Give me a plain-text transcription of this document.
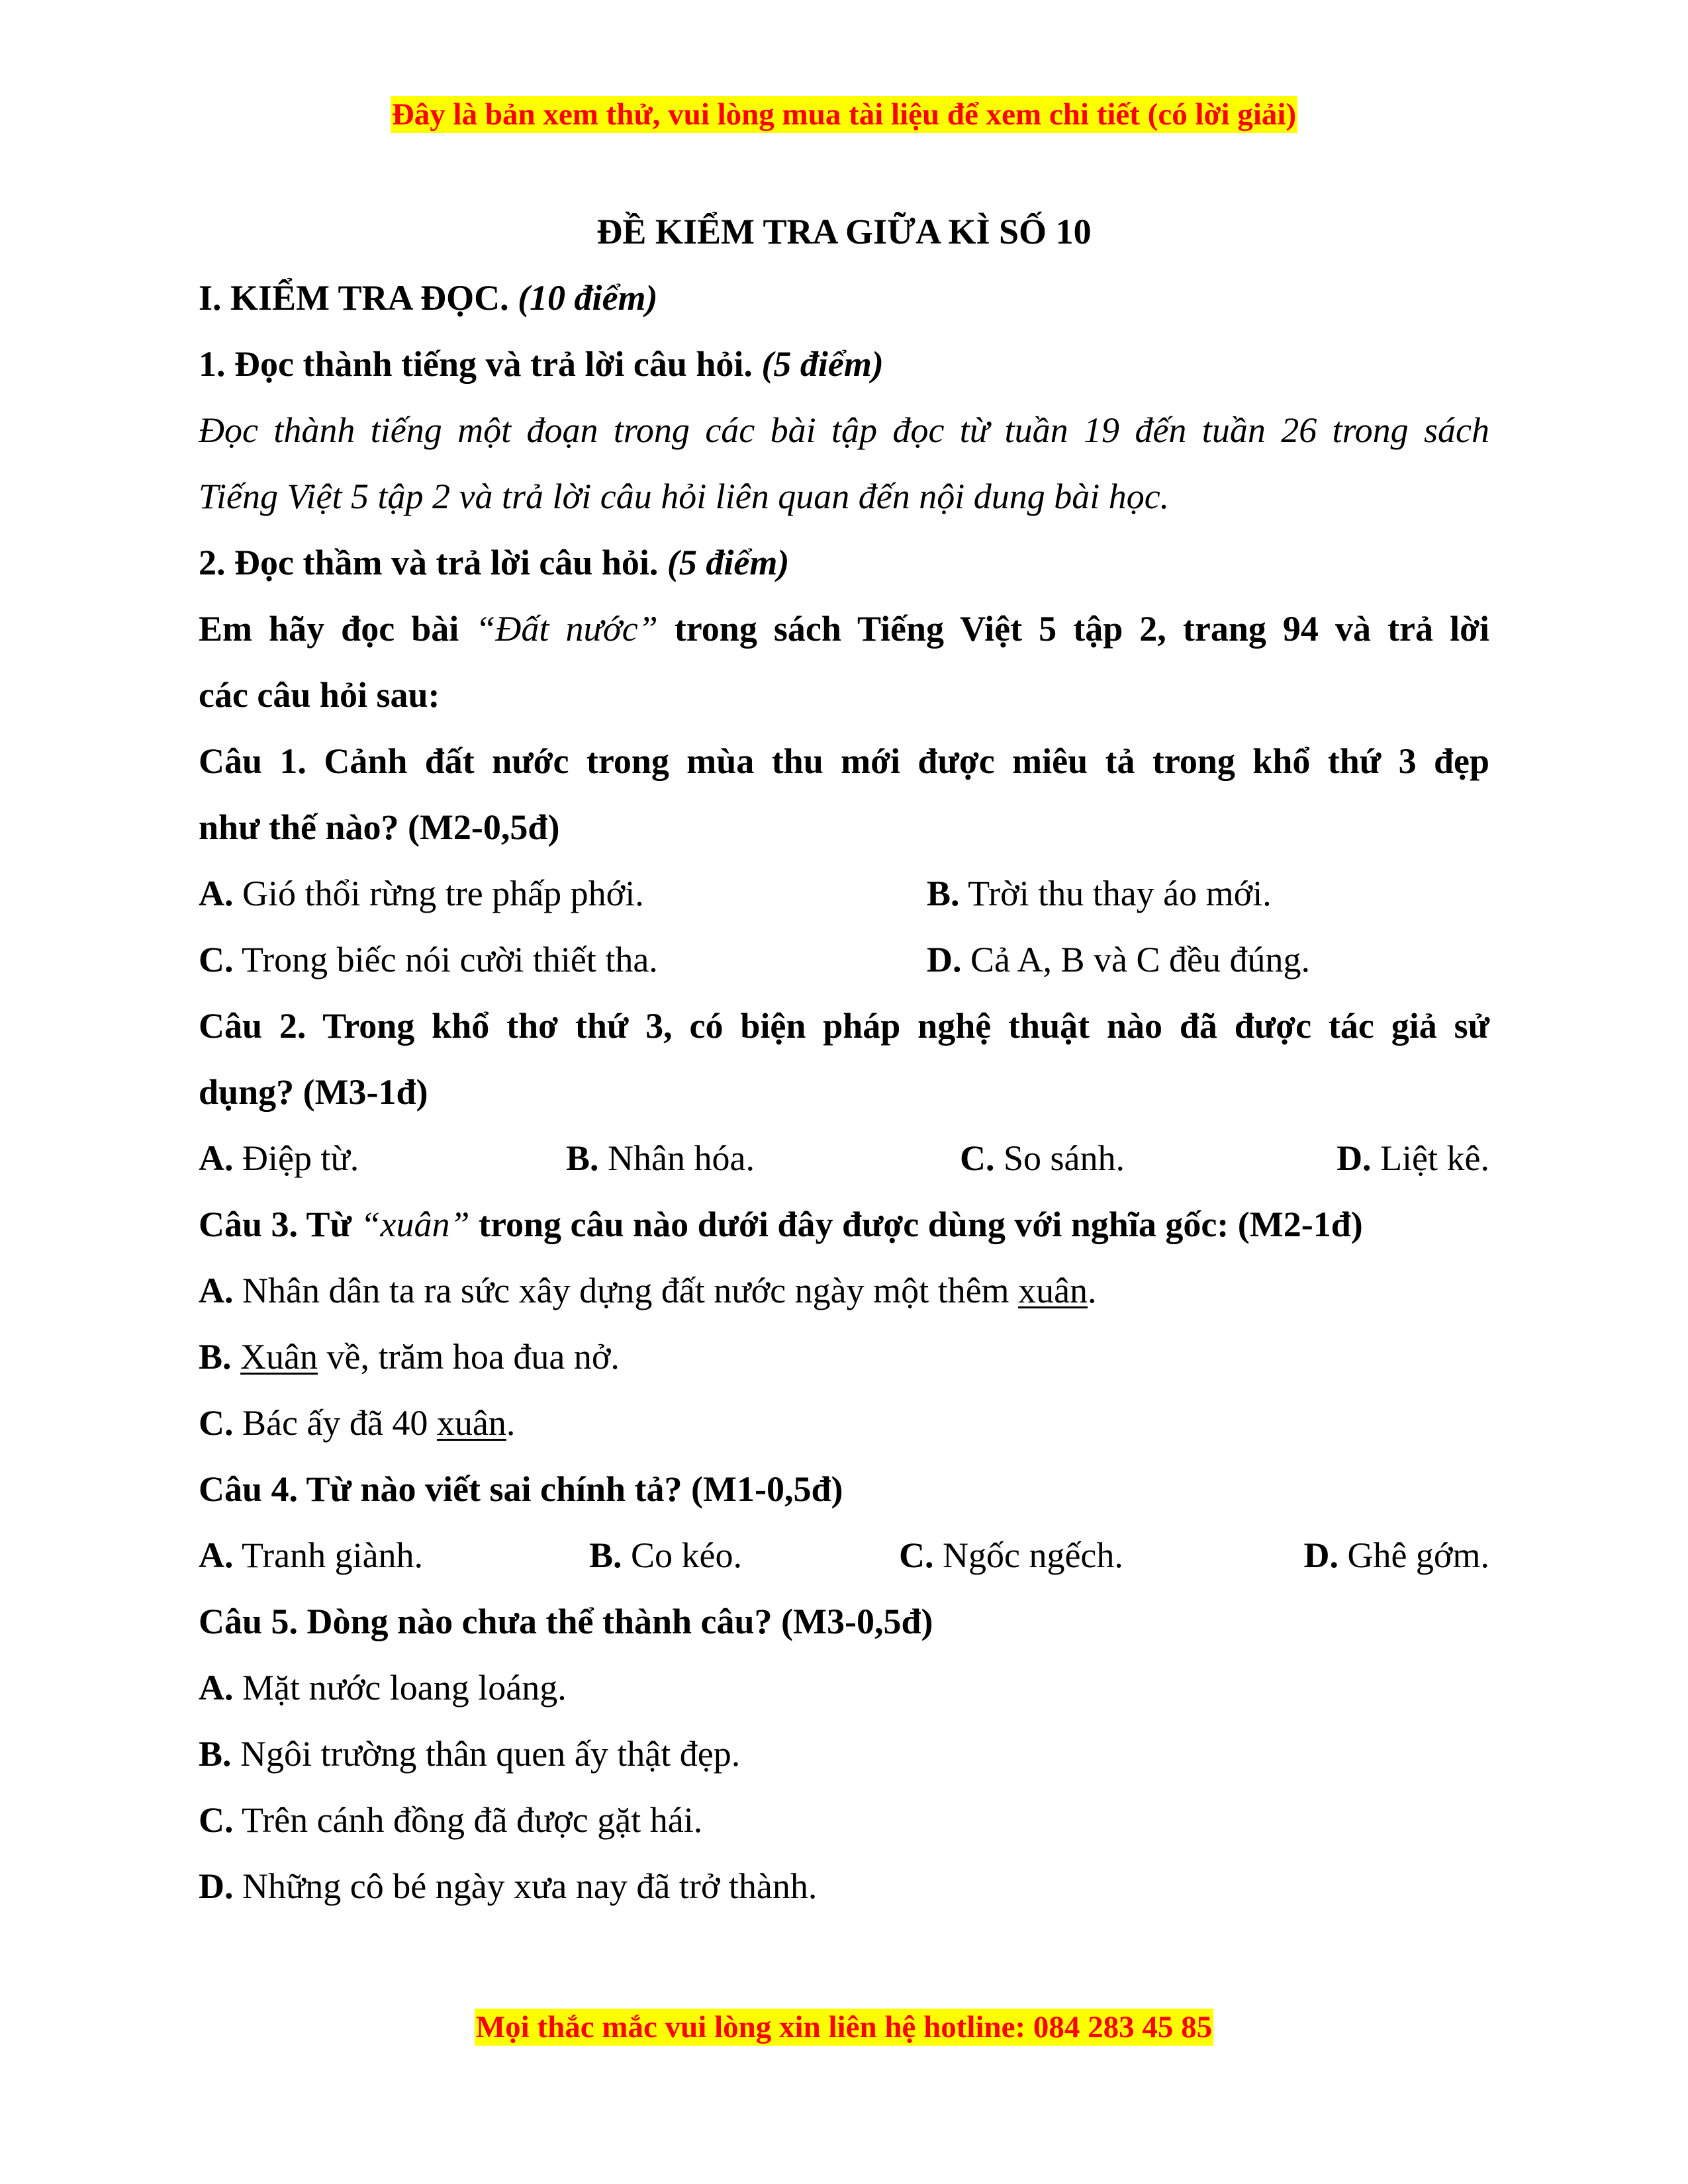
Đây là bản xem thử, vui lòng mua tài liệu để xem chi tiết (có lời giải)
ĐỀ KIỂM TRA GIỮA KÌ SỐ 10
I. KIỂM TRA ĐỌC. (10 điểm)
1. Đọc thành tiếng và trả lời câu hỏi. (5 điểm)
Đọc thành tiếng một đoạn trong các bài tập đọc từ tuần 19 đến tuần 26 trong sách
Tiếng Việt 5 tập 2 và trả lời câu hỏi liên quan đến nội dung bài học.
2. Đọc thầm và trả lời câu hỏi. (5 điểm)
Em hãy đọc bài “Đất nước” trong sách Tiếng Việt 5 tập 2, trang 94 và trả lời
các câu hỏi sau:
Câu 1. Cảnh đất nước trong mùa thu mới được miêu tả trong khổ thứ 3 đẹp
như thế nào? (M2-0,5đ)
A. Gió thổi rừng tre phấp phới.	B. Trời thu thay áo mới.
C. Trong biếc nói cười thiết tha.	D. Cả A, B và C đều đúng.
Câu 2. Trong khổ thơ thứ 3, có biện pháp nghệ thuật nào đã được tác giả sử
dụng? (M3-1đ)
A. Điệp từ.	B. Nhân hóa.	C. So sánh.	D. Liệt kê.
Câu 3. Từ “xuân” trong câu nào dưới đây được dùng với nghĩa gốc: (M2-1đ)
A. Nhân dân ta ra sức xây dựng đất nước ngày một thêm xuân.
B. Xuân về, trăm hoa đua nở.
C. Bác ấy đã 40 xuân.
Câu 4. Từ nào viết sai chính tả? (M1-0,5đ)
A. Tranh giành.	B. Co kéo.	C. Ngốc ngếch.	D. Ghê gớm.
Câu 5. Dòng nào chưa thể thành câu? (M3-0,5đ)
A. Mặt nước loang loáng.
B. Ngôi trường thân quen ấy thật đẹp.
C. Trên cánh đồng đã được gặt hái.
D. Những cô bé ngày xưa nay đã trở thành.
Mọi thắc mắc vui lòng xin liên hệ hotline: 084 283 45 85
